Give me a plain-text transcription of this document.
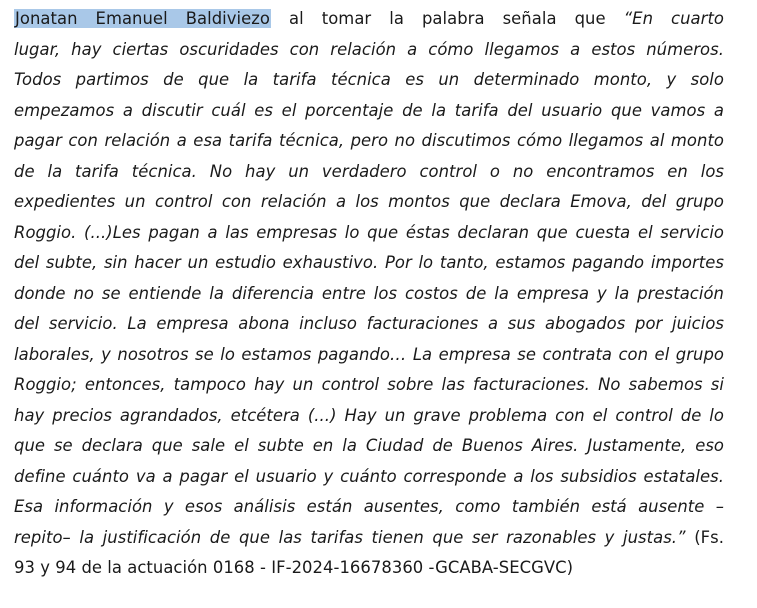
Jonatan Emanuel Baldiviezo al tomar la palabra señala que “En cuarto
lugar, hay ciertas oscuridades con relación a cómo llegamos a estos números.
Todos partimos de que la tarifa técnica es un determinado monto, y solo
empezamos a discutir cuál es el porcentaje de la tarifa del usuario que vamos a
pagar con relación a esa tarifa técnica, pero no discutimos cómo llegamos al monto
de la tarifa técnica. No hay un verdadero control o no encontramos en los
expedientes un control con relación a los montos que declara Emova, del grupo
Roggio. (...)Les pagan a las empresas lo que éstas declaran que cuesta el servicio
del subte, sin hacer un estudio exhaustivo. Por lo tanto, estamos pagando importes
donde no se entiende la diferencia entre los costos de la empresa y la prestación
del servicio. La empresa abona incluso facturaciones a sus abogados por juicios
laborales, y nosotros se lo estamos pagando… La empresa se contrata con el grupo
Roggio; entonces, tampoco hay un control sobre las facturaciones. No sabemos si
hay precios agrandados, etcétera (...) Hay un grave problema con el control de lo
que se declara que sale el subte en la Ciudad de Buenos Aires. Justamente, eso
define cuánto va a pagar el usuario y cuánto corresponde a los subsidios estatales.
Esa información y esos análisis están ausentes, como también está ausente –
repito– la justificación de que las tarifas tienen que ser razonables y justas.” (Fs.
93 y 94 de la actuación 0168 - IF-2024-16678360 -GCABA-SECGVC)
